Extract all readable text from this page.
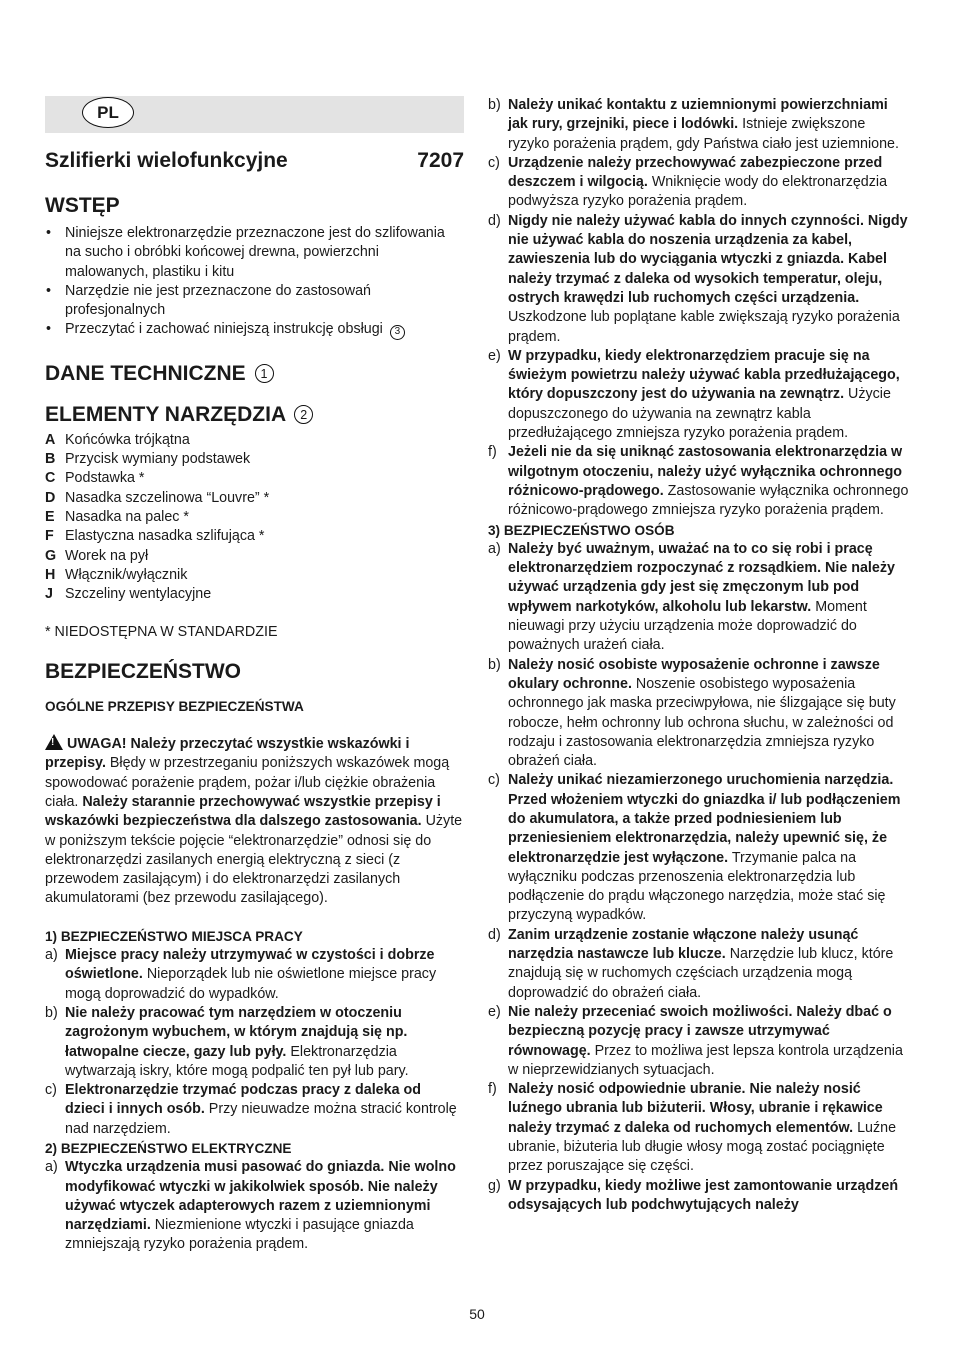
PL
Szlifierki wielofunkcyjne	7207
WSTĘP
• Niniejsze elektronarzędzie przeznaczone jest do szlifowania na sucho i obróbki końcowej drewna, powierzchni malowanych, plastiku i kitu
• Narzędzie nie jest przeznaczone do zastosowań profesjonalnych
• Przeczytać i zachować niniejszą instrukcję obsługi 3
DANE TECHNICZNE 1
ELEMENTY NARZĘDZIA 2
A Końcówka trójkątna
B Przycisk wymiany podstawek
C Podstawka *
D Nasadka szczelinowa “Louvre” *
E Nasadka na palec *
F Elastyczna nasadka szlifująca *
G Worek na pył
H Włącznik/wyłącznik
J Szczeliny wentylacyjne
* NIEDOSTĘPNA W STANDARDZIE
BEZPIECZEŃSTWO
OGÓLNE PRZEPISY BEZPIECZEŃSTWA
!UWAGA! Należy przeczytać wszystkie wskazówki i przepisy. Błędy w przestrzeganiu poniższych wskazówek mogą spowodować porażenie prądem, pożar i/lub ciężkie obrażenia ciała. Należy starannie przechowywać wszystkie przepisy i wskazówki bezpieczeństwa dla dalszego zastosowania. Użyte w poniższym tekście pojęcie “elektronarzędzie” odnosi się do elektronarzędzi zasilanych energią elektryczną z sieci (z przewodem zasilającym) i do elektronarzędzi zasilanych akumulatorami (bez przewodu zasilającego).
1) BEZPIECZEŃSTWO MIEJSCA PRACY
a) Miejsce pracy należy utrzymywać w czystości i dobrze oświetlone. Nieporządek lub nie oświetlone miejsce pracy mogą doprowadzić do wypadków.
b) Nie należy pracować tym narzędziem w otoczeniu zagrożonym wybuchem, w którym znajdują się np. łatwopalne ciecze, gazy lub pyły. Elektronarzędzia wytwarzają iskry, które mogą podpalić ten pył lub pary.
c) Elektronarzędzie trzymać podczas pracy z daleka od dzieci i innych osób. Przy nieuwadze można stracić kontrolę nad narzędziem.
2) BEZPIECZEŃSTWO ELEKTRYCZNE
a) Wtyczka urządzenia musi pasować do gniazda. Nie wolno modyfikować wtyczki w jakikolwiek sposób. Nie należy używać wtyczek adapterowych razem z uziemnionymi narzędziami. Niezmienione wtyczki i pasujące gniazda zmniejszają ryzyko porażenia prądem.
b) Należy unikać kontaktu z uziemnionymi powierzchniami jak rury, grzejniki, piece i lodówki. Istnieje zwiększone ryzyko porażenia prądem, gdy Państwa ciało jest uziemnione.
c) Urządzenie należy przechowywać zabezpieczone przed deszczem i wilgocią. Wniknięcie wody do elektronarzędzia podwyższa ryzyko porażenia prądem.
d) Nigdy nie należy używać kabla do innych czynności. Nigdy nie używać kabla do noszenia urządzenia za kabel, zawieszenia lub do wyciągania wtyczki z gniazda. Kabel należy trzymać z daleka od wysokich temperatur, oleju, ostrych krawędzi lub ruchomych części urządzenia. Uszkodzone lub poplątane kable zwiększają ryzyko porażenia prądem.
e) W przypadku, kiedy elektronarzędziem pracuje się na świeżym powietrzu należy używać kabla przedłużającego, który dopuszczony jest do używania na zewnątrz. Użycie dopuszczonego do używania na zewnątrz kabla przedłużającego zmniejsza ryzyko porażenia prądem.
f) Jeżeli nie da się uniknąć zastosowania elektronarzędzia w wilgotnym otoczeniu, należy użyć wyłącznika ochronnego różnicowo-prądowego. Zastosowanie wyłącznika ochronnego różnicowo-prądowego zmniejsza ryzyko porażenia prądem.
3) BEZPIECZEŃSTWO OSÓB
a) Należy być uważnym, uważać na to co się robi i pracę elektronarzędziem rozpoczynać z rozsądkiem. Nie należy używać urządzenia gdy jest się zmęczonym lub pod wpływem narkotyków, alkoholu lub lekarstw. Moment nieuwagi przy użyciu urządzenia może doprowadzić do poważnych urażeń ciała.
b) Należy nosić osobiste wyposażenie ochronne i zawsze okulary ochronne. Noszenie osobistego wyposażenia ochronnego jak maska przeciwpyłowa, nie ślizgające się buty robocze, hełm ochronny lub ochrona słuchu, w zależności od rodzaju i zastosowania elektronarzędzia zmniejsza ryzyko obrażeń ciała.
c) Należy unikać niezamierzonego uruchomienia narzędzia. Przed włożeniem wtyczki do gniazdka i/ lub podłączeniem do akumulatora, a także przed podniesieniem lub przeniesieniem elektronarzędzia, należy upewnić się, że elektronarzędzie jest wyłączone. Trzymanie palca na wyłączniku podczas przenoszenia elektronarzędzia lub podłączenie do prądu włączonego narzędzia, może stać się przyczyną wypadków.
d) Zanim urządzenie zostanie włączone należy usunąć narzędzia nastawcze lub klucze. Narzędzie lub klucz, które znajdują się w ruchomych częściach urządzenia mogą doprowadzić do obrażeń ciała.
e) Nie należy przeceniać swoich możliwości. Należy dbać o bezpieczną pozycję pracy i zawsze utrzymywać równowagę. Przez to możliwa jest lepsza kontrola urządzenia w nieprzewidzianych sytuacjach.
f) Należy nosić odpowiednie ubranie. Nie należy nosić luźnego ubrania lub biżuterii. Włosy, ubranie i rękawice należy trzymać z daleka od ruchomych elementów. Luźne ubranie, biżuteria lub długie włosy mogą zostać pociągnięte przez poruszające się części.
g) W przypadku, kiedy możliwe jest zamontowanie urządzeń odsysających lub podchwytujących należy
50
